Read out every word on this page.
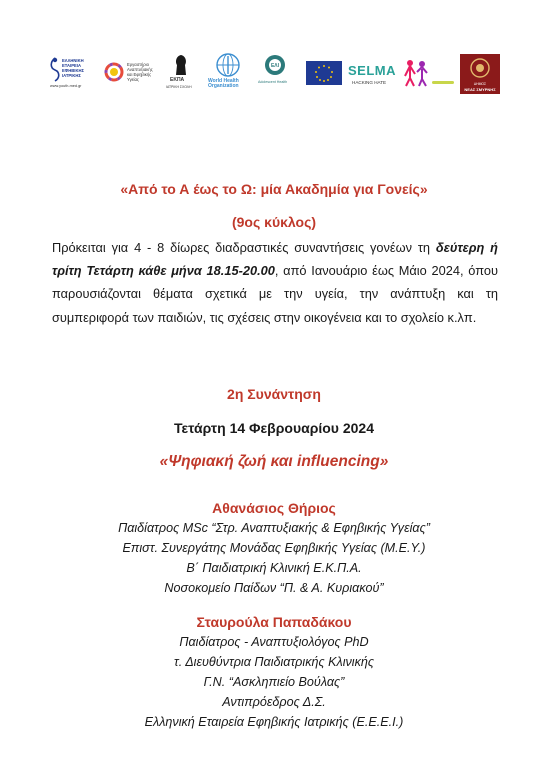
ΕΛΛΗΝΙΚΗ
ΕΤΑΙΡΕΙΑ
ΕΦΗΒΙΚΗΣ
ΙΑΤΡΙΚΗΣ
www.youth-med.gr
Εργαστήριο
Αναπτυξιακής
και Εφηβικής
Υγείας	ΕΚΠΑ
ΙΑΤΡΙΚΗ ΣΧΟΛΗ
World Health
Organization
ΕΛΙ
Adolescent Health
SELMA
HACKING HATE	ΔΗΜΟΣ
ΝΕΑΣ ΣΜΥΡΝΗΣ
«Από το Α έως το Ω: μία Ακαδημία για Γονείς»
(9ος κύκλος)
Πρόκειται για 4 - 8 δίωρες διαδραστικές συναντήσεις γονέων τη δεύτερη ή τρίτη Τετάρτη κάθε μήνα 18.15-20.00, από Ιανουάριο έως Μάιο 2024, όπου παρουσιάζονται θέματα σχετικά με την υγεία, την ανάπτυξη και τη συμπεριφορά των παιδιών, τις σχέσεις στην οικογένεια και το σχολείο κ.λπ.
2η Συνάντηση
Τετάρτη 14 Φεβρουαρίου 2024
«Ψηφιακή ζωή και influencing»
Αθανάσιος Θήριος
Παιδίατρος MSc “Στρ. Αναπτυξιακής & Εφηβικής Υγείας”
Επιστ. Συνεργάτης Μονάδας Εφηβικής Υγείας (Μ.Ε.Υ.)
Β΄ Παιδιατρική Κλινική Ε.Κ.Π.Α.
Νοσοκομείο Παίδων “Π. & Α. Κυριακού”
Σταυρούλα Παπαδάκου
Παιδίατρος - Αναπτυξιολόγος PhD
τ. Διευθύντρια Παιδιατρικής Κλινικής
Γ.Ν. “Ασκληπιείο Βούλας”
Αντιπρόεδρος Δ.Σ.
Ελληνική Εταιρεία Εφηβικής Ιατρικής (Ε.Ε.Ε.Ι.)
